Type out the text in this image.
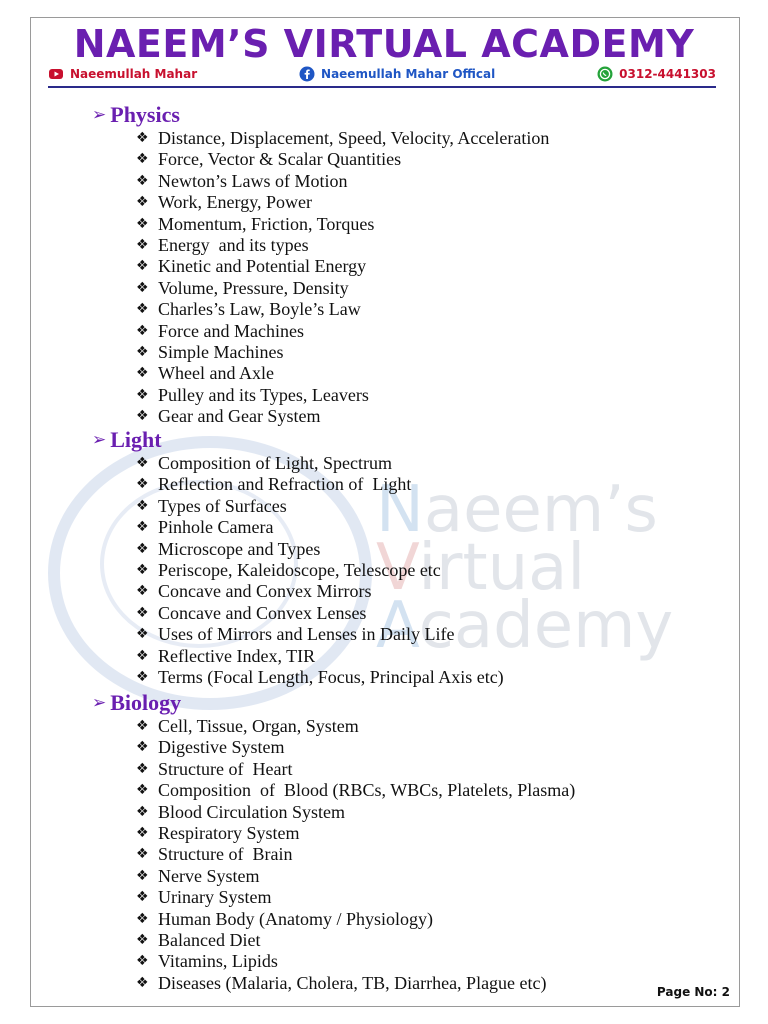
Naeem’s
Virtual
Academy
NAEEM’S VIRTUAL ACADEMY
Naeemullah Mahar	Naeemullah Mahar Offical	0312-4441303
➢ Physics
❖ Distance, Displacement, Speed, Velocity, Acceleration
❖ Force, Vector & Scalar Quantities
❖ Newton’s Laws of Motion
❖ Work, Energy, Power
❖ Momentum, Friction, Torques
❖ Energy  and its types
❖ Kinetic and Potential Energy
❖ Volume, Pressure, Density
❖ Charles’s Law, Boyle’s Law
❖ Force and Machines
❖ Simple Machines
❖ Wheel and Axle
❖ Pulley and its Types, Leavers
❖ Gear and Gear System
➢ Light
❖ Composition of Light, Spectrum
❖ Reflection and Refraction of  Light
❖ Types of Surfaces
❖ Pinhole Camera
❖ Microscope and Types
❖ Periscope, Kaleidoscope, Telescope etc
❖ Concave and Convex Mirrors
❖ Concave and Convex Lenses
❖ Uses of Mirrors and Lenses in Daily Life
❖ Reflective Index, TIR
❖ Terms (Focal Length, Focus, Principal Axis etc)
➢ Biology
❖ Cell, Tissue, Organ, System
❖ Digestive System
❖ Structure of  Heart
❖ Composition  of  Blood (RBCs, WBCs, Platelets, Plasma)
❖ Blood Circulation System
❖ Respiratory System
❖ Structure of  Brain
❖ Nerve System
❖ Urinary System
❖ Human Body (Anatomy / Physiology)
❖ Balanced Diet
❖ Vitamins, Lipids
❖ Diseases (Malaria, Cholera, TB, Diarrhea, Plague etc)	Page No: 2
